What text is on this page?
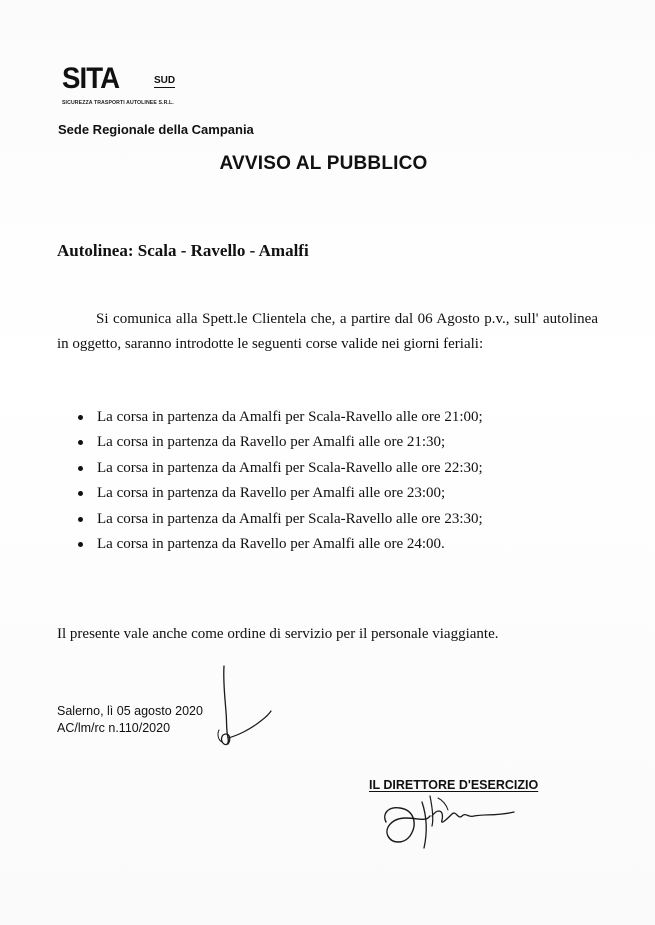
SITA	SUD
SICUREZZA TRASPORTI AUTOLINEE S.R.L.
Sede Regionale della Campania
AVVISO AL PUBBLICO
Autolinea: Scala - Ravello - Amalfi
Si comunica alla Spett.le Clientela che, a partire dal 06 Agosto p.v., sull' autolinea in oggetto, saranno introdotte le seguenti corse valide nei giorni feriali:
La corsa in partenza da Amalfi per Scala-Ravello alle ore 21:00;
La corsa in partenza da Ravello per Amalfi alle ore 21:30;
La corsa in partenza da Amalfi per Scala-Ravello alle ore 22:30;
La corsa in partenza da Ravello per Amalfi alle ore 23:00;
La corsa in partenza da Amalfi per Scala-Ravello alle ore 23:30;
La corsa in partenza da Ravello per Amalfi alle ore 24:00.
Il presente vale anche come ordine di servizio per il personale viaggiante.
Salerno, lì 05 agosto 2020
AC/lm/rc n.110/2020
IL DIRETTORE D'ESERCIZIO
